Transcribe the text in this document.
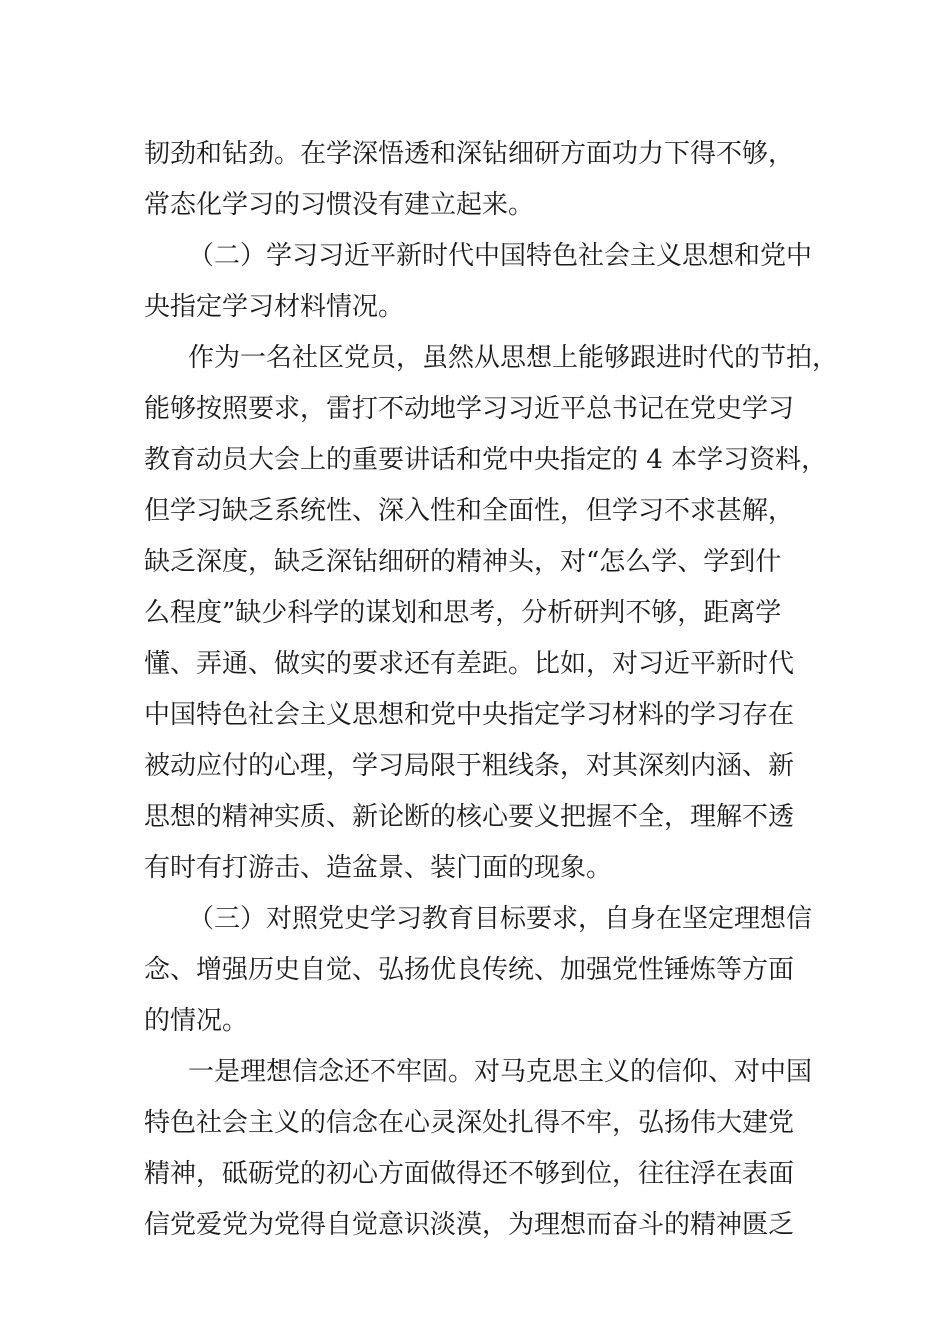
韧劲和钻劲。在学深悟透和深钻细研方面功力下得不够，
常态化学习的习惯没有建立起来。
（二）学习习近平新时代中国特色社会主义思想和党中
央指定学习材料情况。
作为一名社区党员，虽然从思想上能够跟进时代的节拍，
能够按照要求，雷打不动地学习习近平总书记在党史学习
教育动员大会上的重要讲话和党中央指定的 4 本学习资料，
但学习缺乏系统性、深入性和全面性，但学习不求甚解，
缺乏深度，缺乏深钻细研的精神头，对“怎么学、学到什
么程度”缺少科学的谋划和思考，分析研判不够，距离学
懂、弄通、做实的要求还有差距。比如，对习近平新时代
中国特色社会主义思想和党中央指定学习材料的学习存在
被动应付的心理，学习局限于粗线条，对其深刻内涵、新
思想的精神实质、新论断的核心要义把握不全，理解不透
有时有打游击、造盆景、装门面的现象。
（三）对照党史学习教育目标要求，自身在坚定理想信
念、增强历史自觉、弘扬优良传统、加强党性锤炼等方面
的情况。
一是理想信念还不牢固。对马克思主义的信仰、对中国
特色社会主义的信念在心灵深处扎得不牢，弘扬伟大建党
精神，砥砺党的初心方面做得还不够到位，往往浮在表面
信党爱党为党得自觉意识淡漠，为理想而奋斗的精神匮乏
